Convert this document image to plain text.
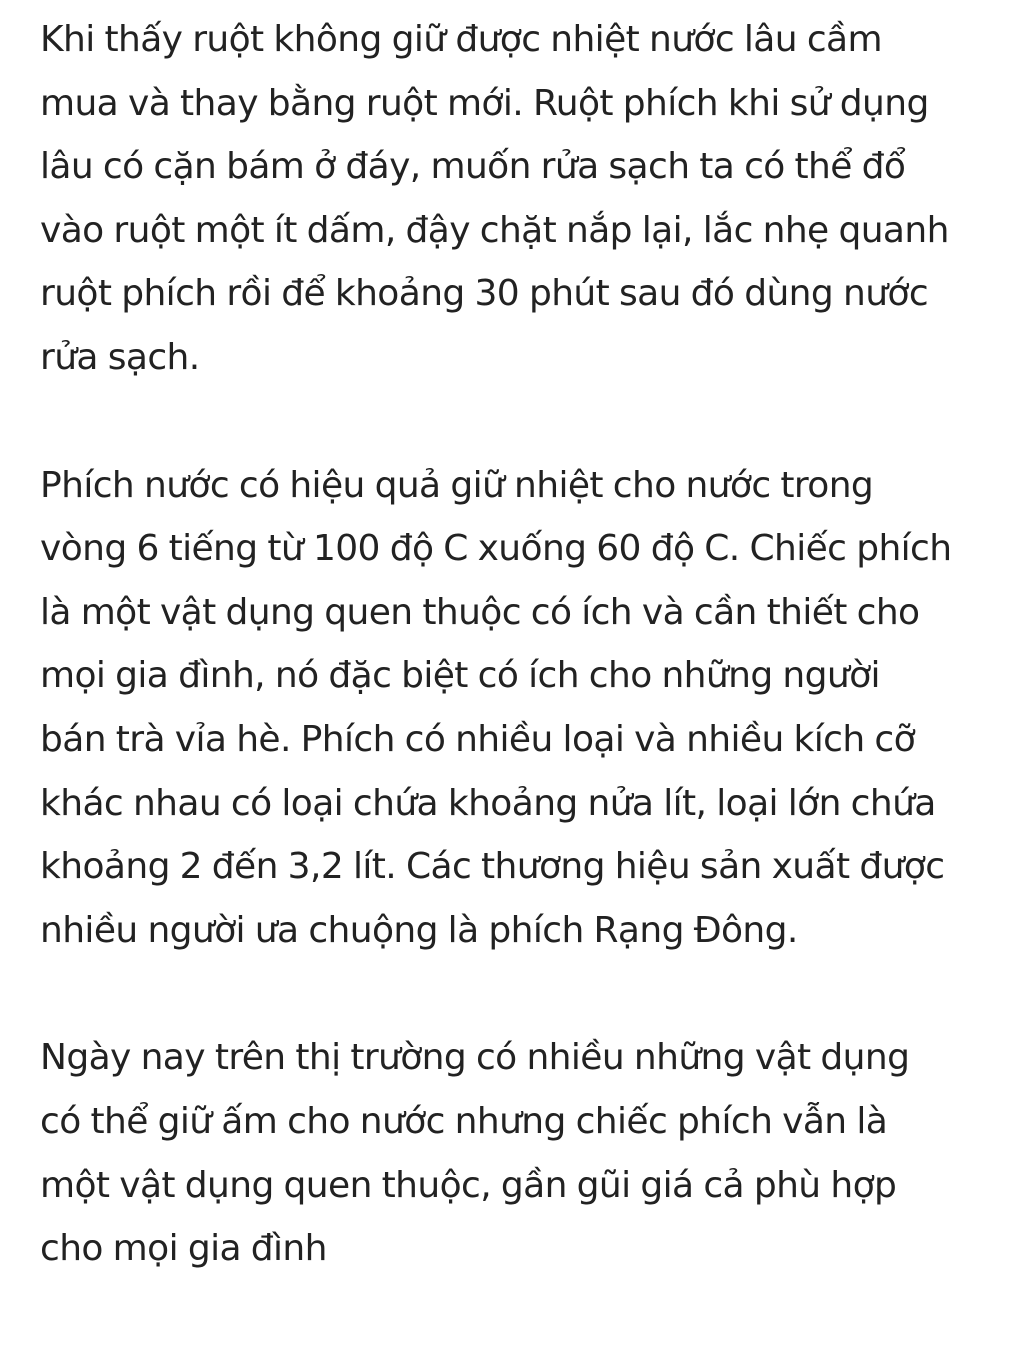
Khi thấy ruột không giữ được nhiệt nước lâu cầm
mua và thay bằng ruột mới. Ruột phích khi sử dụng
lâu có cặn bám ở đáy, muốn rửa sạch ta có thể đổ
vào ruột một ít dấm, đậy chặt nắp lại, lắc nhẹ quanh
ruột phích rồi để khoảng 30 phút sau đó dùng nước
rửa sạch.
Phích nước có hiệu quả giữ nhiệt cho nước trong
vòng 6 tiếng từ 100 độ C xuống 60 độ C. Chiếc phích
là một vật dụng quen thuộc có ích và cần thiết cho
mọi gia đình, nó đặc biệt có ích cho những người
bán trà vỉa hè. Phích có nhiều loại và nhiều kích cỡ
khác nhau có loại chứa khoảng nửa lít, loại lớn chứa
khoảng 2 đến 3,2 lít. Các thương hiệu sản xuất được
nhiều người ưa chuộng là phích Rạng Đông.
Ngày nay trên thị trường có nhiều những vật dụng
có thể giữ ấm cho nước nhưng chiếc phích vẫn là
một vật dụng quen thuộc, gần gũi giá cả phù hợp
cho mọi gia đình
